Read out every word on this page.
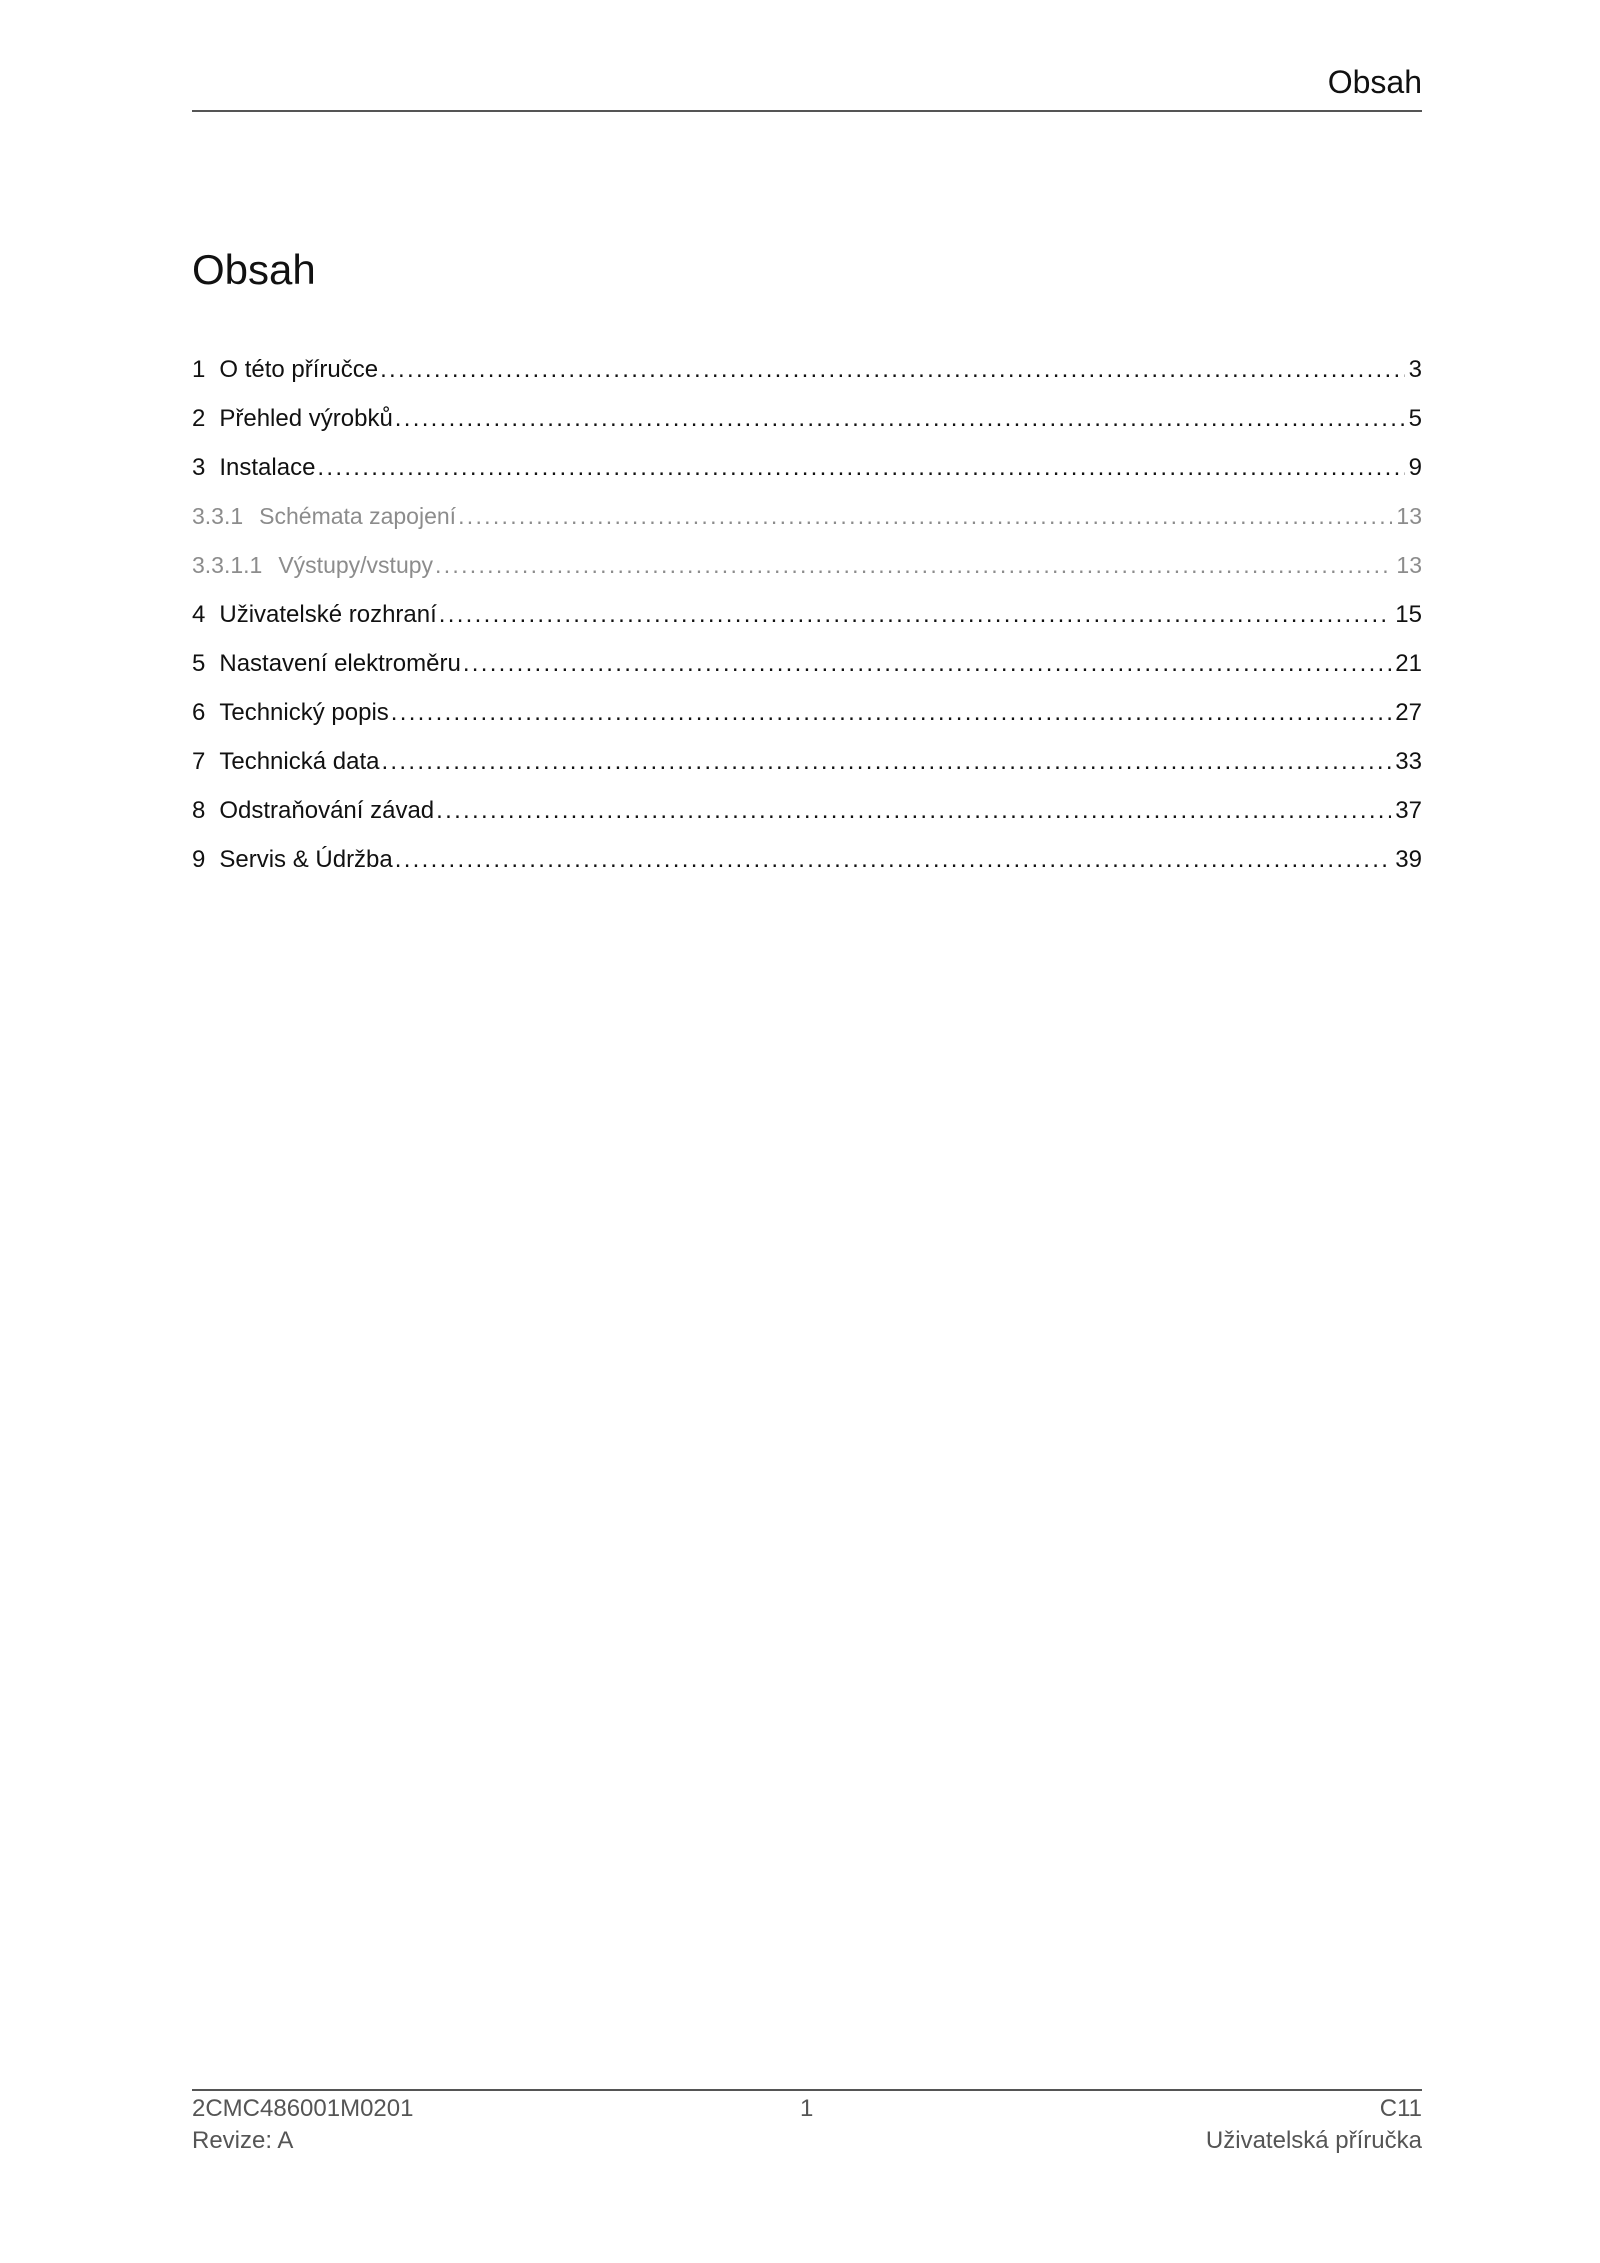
Obsah
Obsah
1 O této příručce .....	3
2 Přehled výrobků .....	5
3 Instalace .....	9
3.3.1 Schémata zapojení .....	13
3.3.1.1 Výstupy/vstupy .....	13
4 Uživatelské rozhraní .....	15
5 Nastavení elektroměru .....	21
6 Technický popis .....	27
7 Technická data .....	33
8 Odstraňování závad .....	37
9 Servis & Údržba .....	39
2CMC486001M0201
Revize: A
1	C11
Uživatelská příručka
